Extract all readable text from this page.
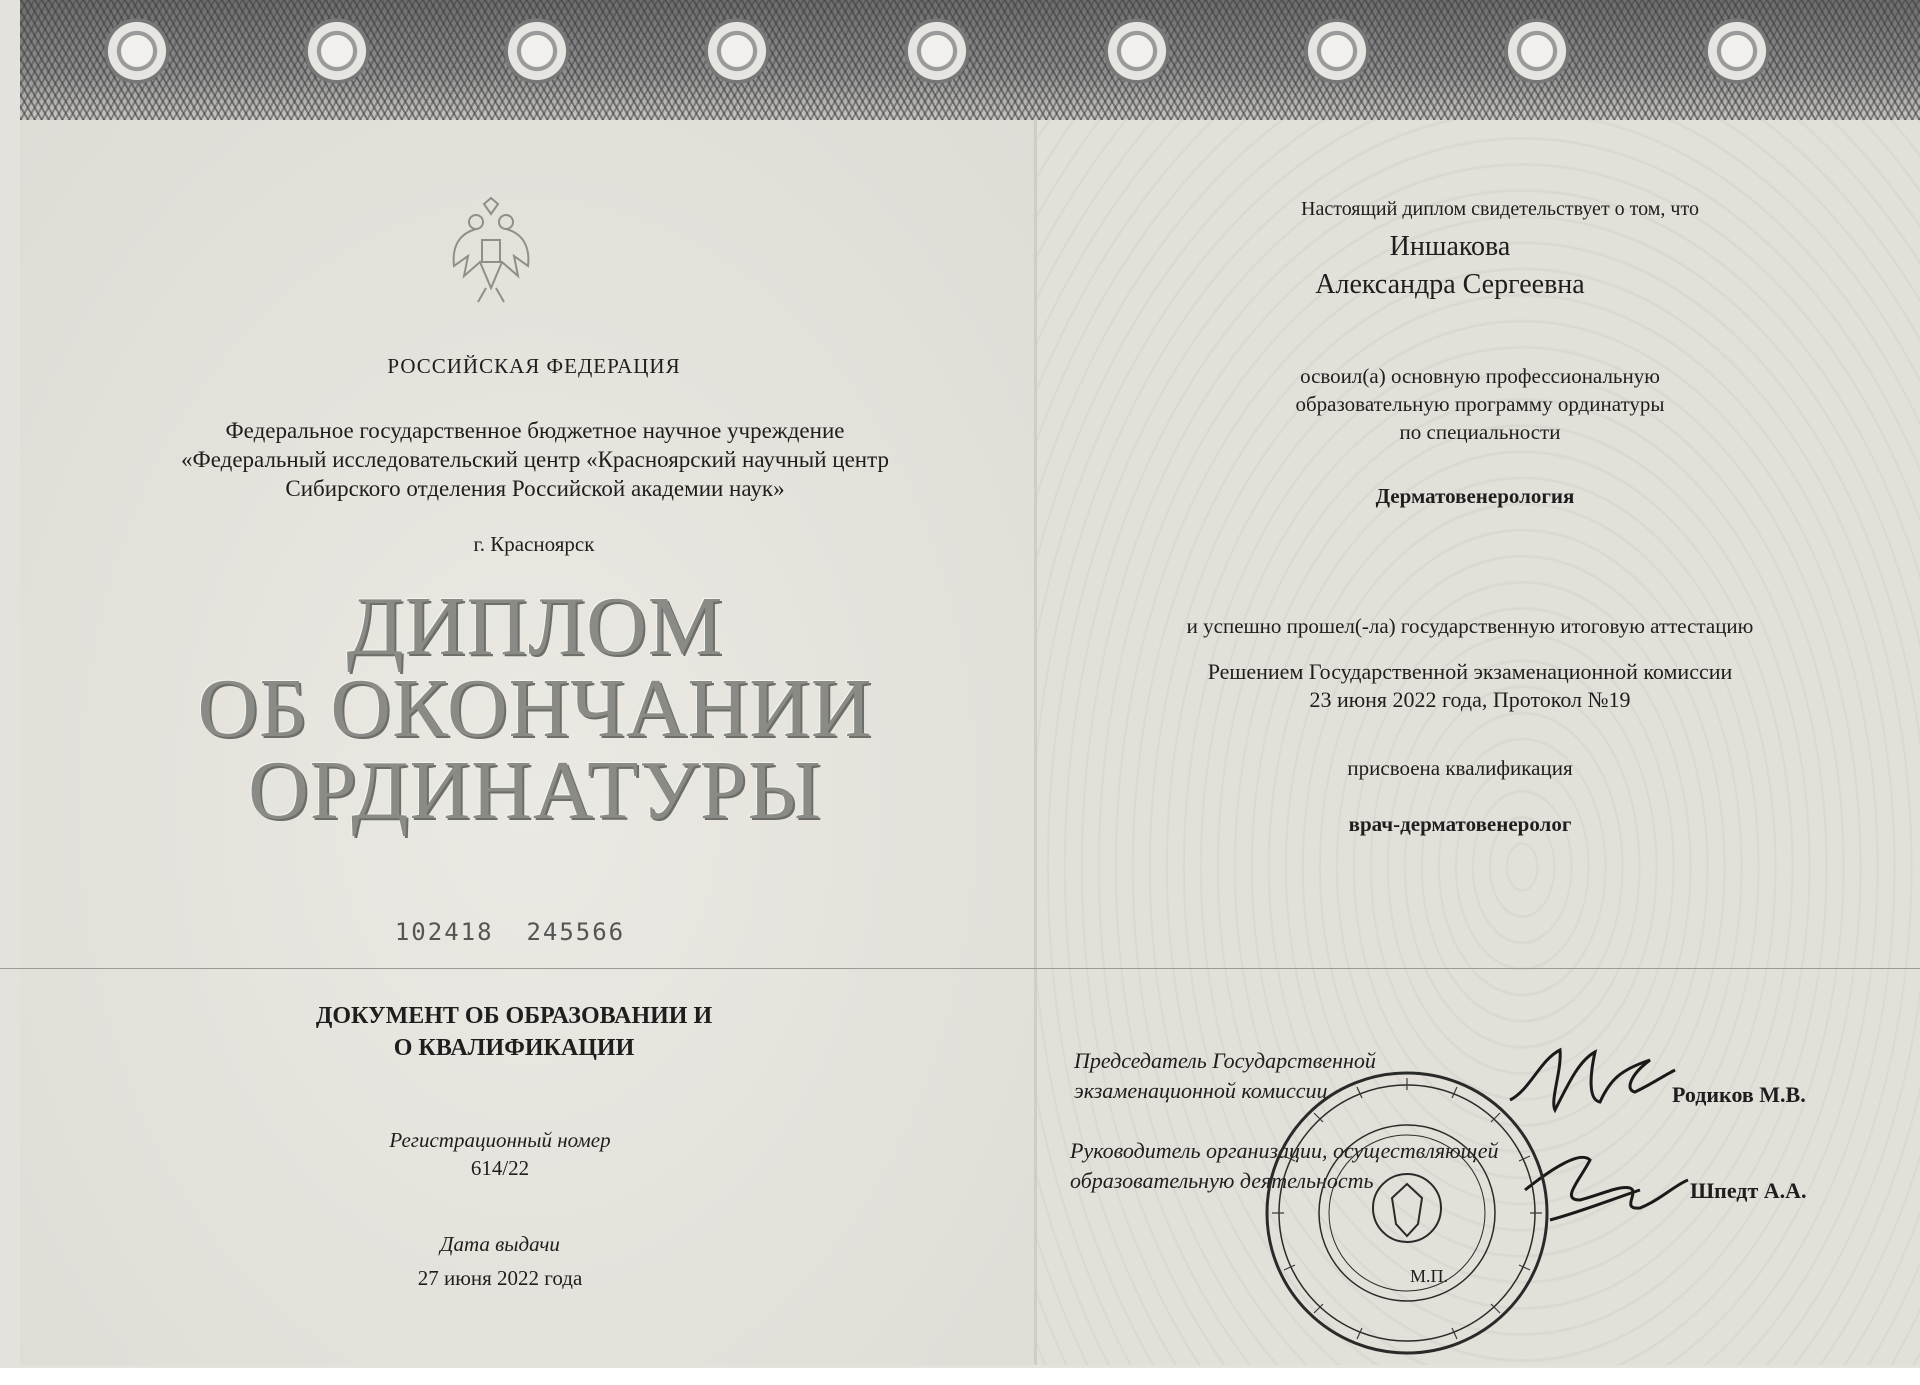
РОССИЙСКАЯ ФЕДЕРАЦИЯ
Федеральное государственное бюджетное научное учреждение
«Федеральный исследовательский центр «Красноярский научный центр
Сибирского отделения Российской академии наук»
г. Красноярск
ДИПЛОМ
ОБ ОКОНЧАНИИ
ОРДИНАТУРЫ
102418  245566
ДОКУМЕНТ ОБ ОБРАЗОВАНИИ И
О КВАЛИФИКАЦИИ
Регистрационный номер
614/22
Дата выдачи
27 июня 2022 года
Настоящий диплом свидетельствует о том, что
Иншакова
Александра Сергеевна
освоил(а) основную профессиональную
образовательную программу ординатуры
по специальности
Дерматовенерология
и успешно прошел(-ла) государственную итоговую аттестацию
Решением Государственной экзаменационной комиссии
23 июня 2022 года, Протокол №19
присвоена квалификация
врач-дерматовенеролог
Председатель Государственной
экзаменационной комиссии	Родиков М.В.
Руководитель организации, осуществляющей
образовательную деятельность	Шпедт А.А.
М.П.
